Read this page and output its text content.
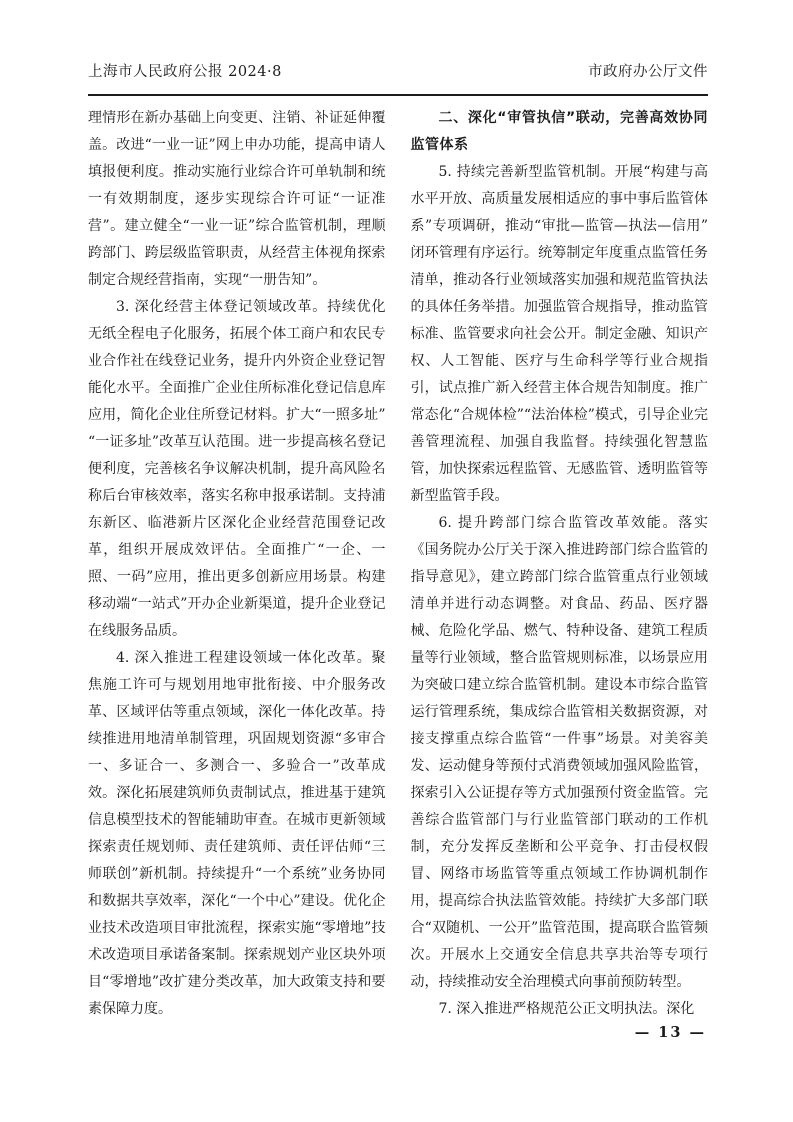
上海市人民政府公报 2024·8	市政府办公厅文件

理情形在新办基础上向变更、注销、补证延伸覆盖。改进“一业一证”网上申办功能，提高申请人填报便利度。推动实施行业综合许可单轨制和统一有效期制度，逐步实现综合许可证“一证准营”。建立健全“一业一证”综合监管机制，理顺跨部门、跨层级监管职责，从经营主体视角探索制定合规经营指南，实现“一册告知”。

3. 深化经营主体登记领域改革。持续优化无纸全程电子化服务，拓展个体工商户和农民专业合作社在线登记业务，提升内外资企业登记智能化水平。全面推广企业住所标准化登记信息库应用，简化企业住所登记材料。扩大“一照多址”“一证多址”改革互认范围。进一步提高核名登记便利度，完善核名争议解决机制，提升高风险名称后台审核效率，落实名称申报承诺制。支持浦东新区、临港新片区深化企业经营范围登记改革，组织开展成效评估。全面推广“一企、一照、一码”应用，推出更多创新应用场景。构建移动端“一站式”开办企业新渠道，提升企业登记在线服务品质。

4. 深入推进工程建设领域一体化改革。聚焦施工许可与规划用地审批衔接、中介服务改革、区域评估等重点领域，深化一体化改革。持续推进用地清单制管理，巩固规划资源“多审合一、多证合一、多测合一、多验合一”改革成效。深化拓展建筑师负责制试点，推进基于建筑信息模型技术的智能辅助审查。在城市更新领域探索责任规划师、责任建筑师、责任评估师“三师联创”新机制。持续提升“一个系统”业务协同和数据共享效率，深化“一个中心”建设。优化企业技术改造项目审批流程，探索实施“零增地”技术改造项目承诺备案制。探索规划产业区块外项目“零增地”改扩建分类改革，加大政策支持和要素保障力度。

二、深化“审管执信”联动，完善高效协同监管体系

5. 持续完善新型监管机制。开展“构建与高水平开放、高质量发展相适应的事中事后监管体系”专项调研，推动“审批—监管—执法—信用”闭环管理有序运行。统筹制定年度重点监管任务清单，推动各行业领域落实加强和规范监管执法的具体任务举措。加强监管合规指导，推动监管标准、监管要求向社会公开。制定金融、知识产权、人工智能、医疗与生命科学等行业合规指引，试点推广新入经营主体合规告知制度。推广常态化“合规体检”“法治体检”模式，引导企业完善管理流程、加强自我监督。持续强化智慧监管，加快探索远程监管、无感监管、透明监管等新型监管手段。

6. 提升跨部门综合监管改革效能。落实《国务院办公厅关于深入推进跨部门综合监管的指导意见》，建立跨部门综合监管重点行业领域清单并进行动态调整。对食品、药品、医疗器械、危险化学品、燃气、特种设备、建筑工程质量等行业领域，整合监管规则标准，以场景应用为突破口建立综合监管机制。建设本市综合监管运行管理系统，集成综合监管相关数据资源，对接支撑重点综合监管“一件事”场景。对美容美发、运动健身等预付式消费领域加强风险监管，探索引入公证提存等方式加强预付资金监管。完善综合监管部门与行业监管部门联动的工作机制，充分发挥反垄断和公平竞争、打击侵权假冒、网络市场监管等重点领域工作协调机制作用，提高综合执法监管效能。持续扩大多部门联合“双随机、一公开”监管范围，提高联合监管频次。开展水上交通安全信息共享共治等专项行动，持续推动安全治理模式向事前预防转型。

7. 深入推进严格规范公正文明执法。深化

— 13 —
